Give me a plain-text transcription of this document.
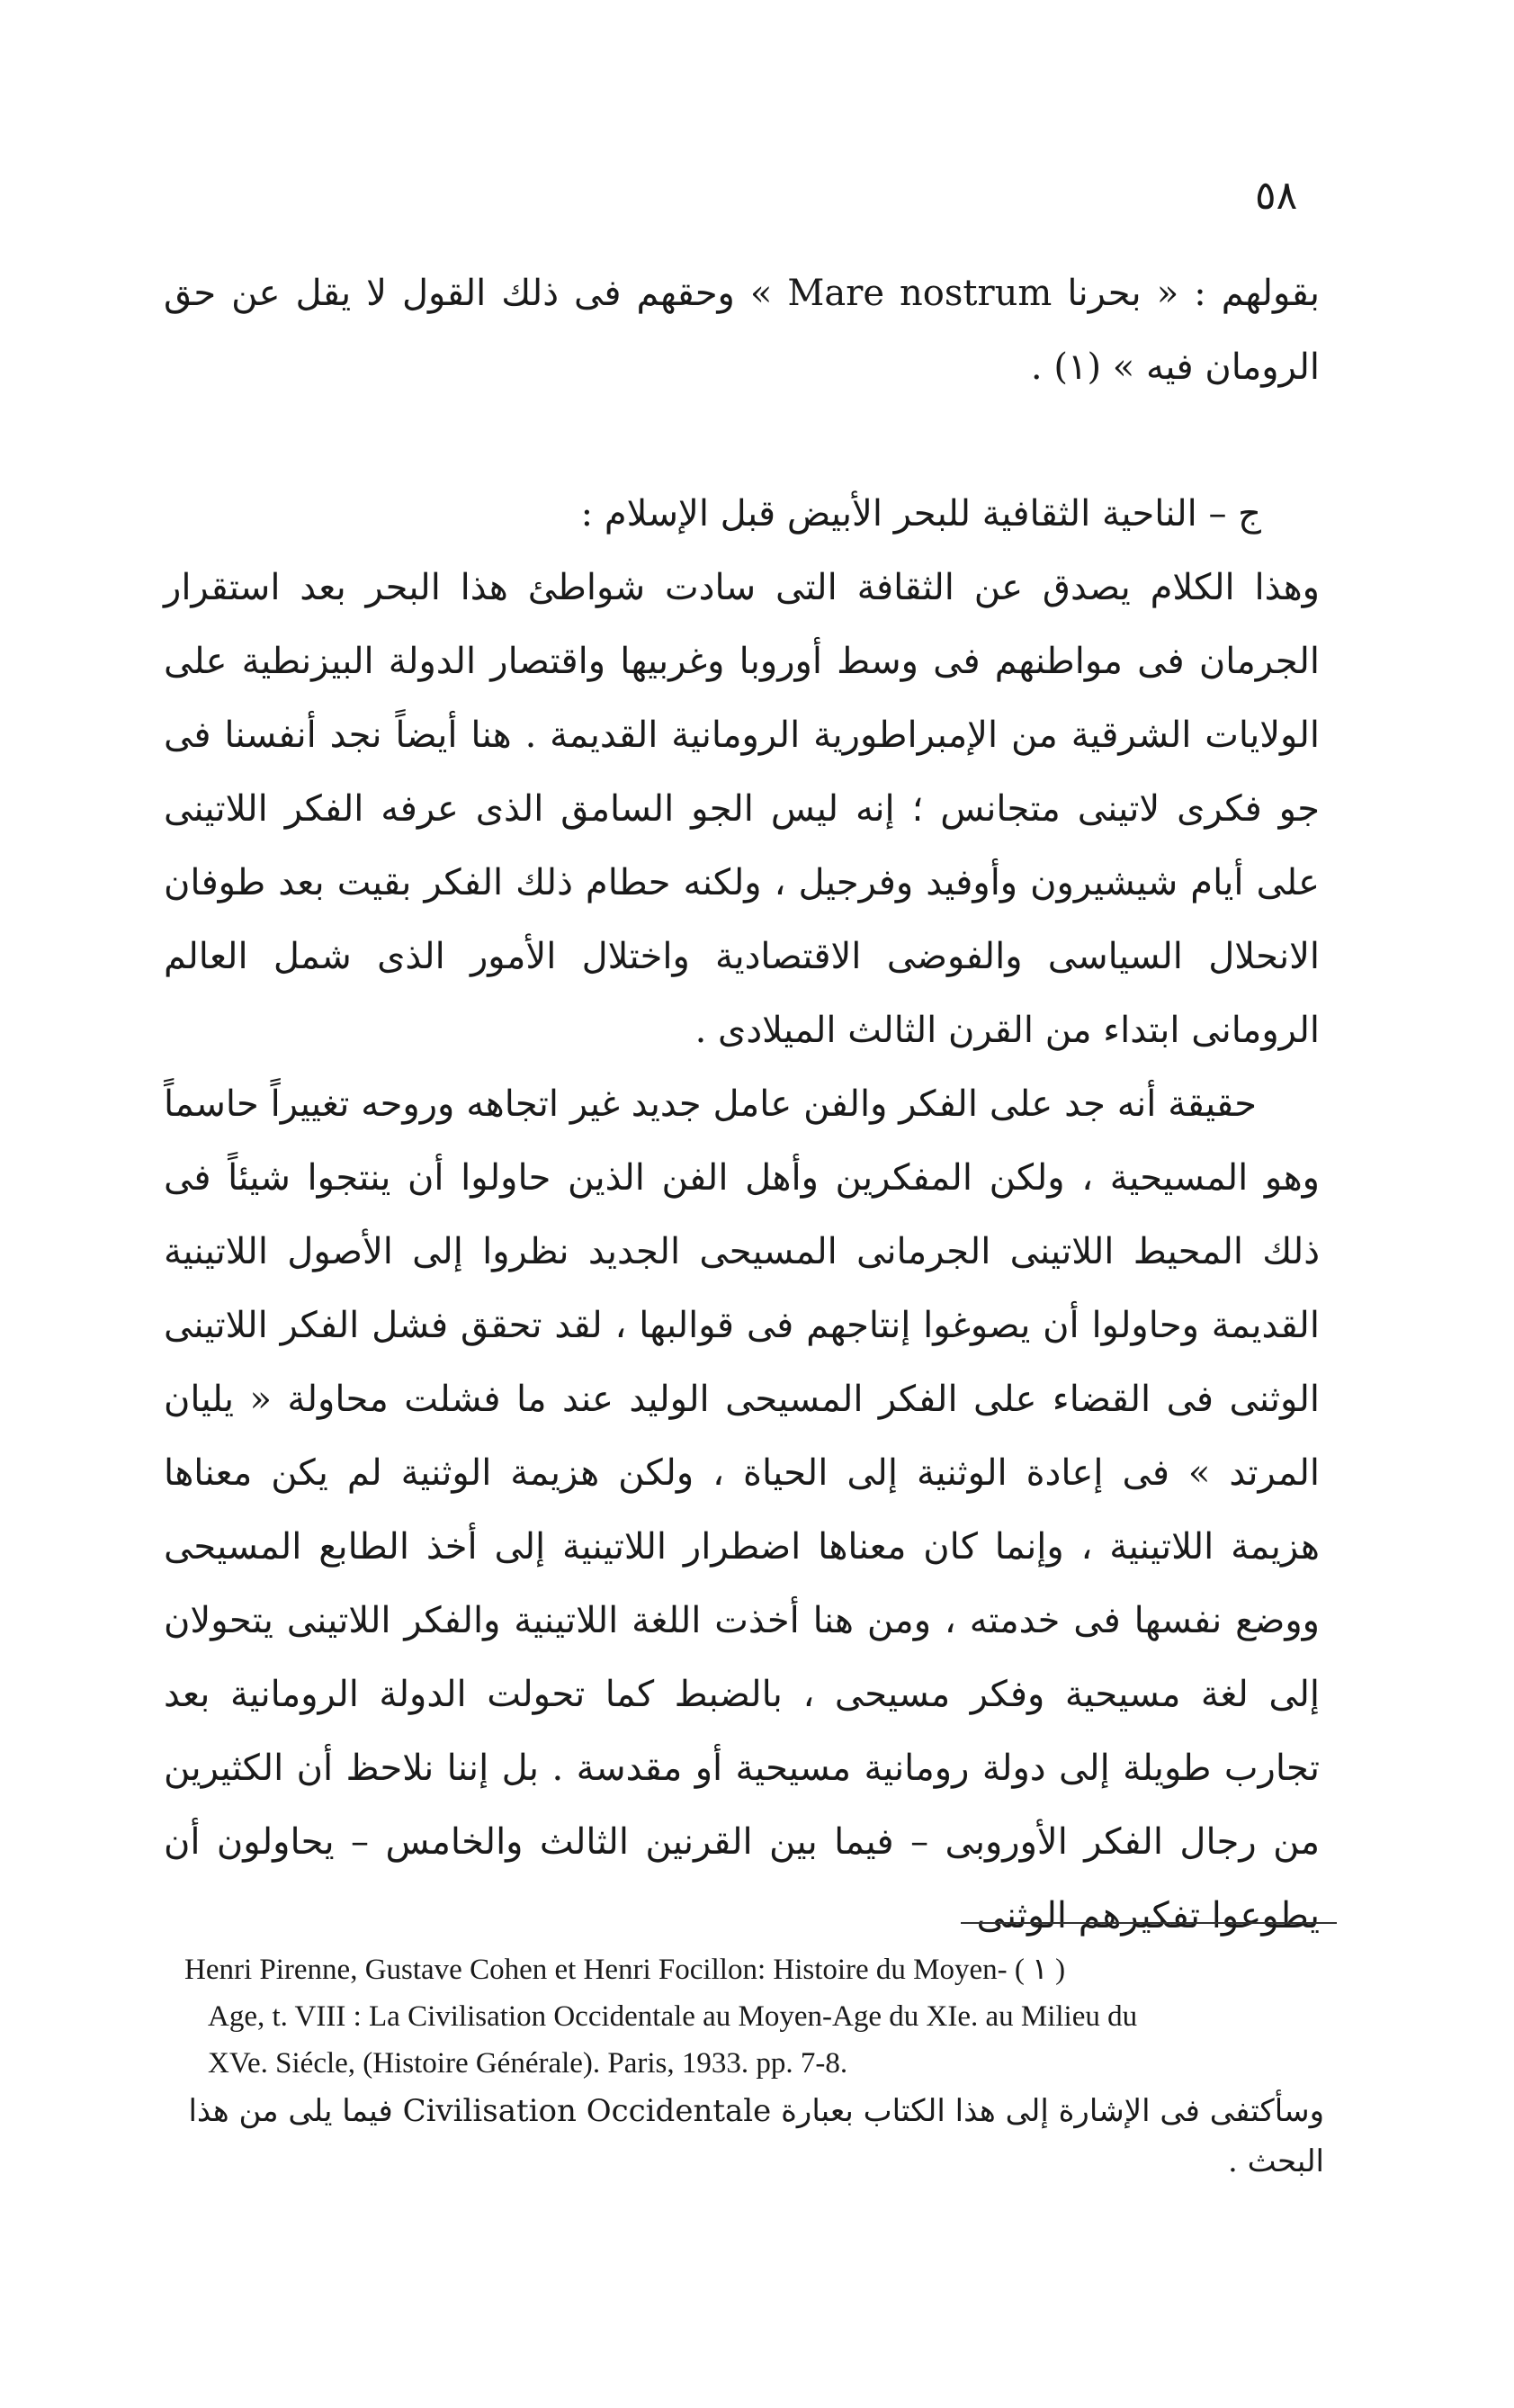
٥٨
بقولهم : « بحرنا Mare nostrum » وحقهم فى ذلك القول لا يقل عن حق الرومان فيه » (١) .
ج – الناحية الثقافية للبحر الأبيض قبل الإسلام :
وهذا الكلام يصدق عن الثقافة التى سادت شواطئ هذا البحر بعد استقرار الجرمان فى مواطنهم فى وسط أوروبا وغربيها واقتصار الدولة البيزنطية على الولايات الشرقية من الإمبراطورية الرومانية القديمة . هنا أيضاً نجد أنفسنا فى جو فكرى لاتينى متجانس ؛ إنه ليس الجو السامق الذى عرفه الفكر اللاتينى على أيام شيشيرون وأوفيد وفرجيل ، ولكنه حطام ذلك الفكر بقيت بعد طوفان الانحلال السياسى والفوضى الاقتصادية واختلال الأمور الذى شمل العالم الرومانى ابتداء من القرن الثالث الميلادى .
حقيقة أنه جد على الفكر والفن عامل جديد غير اتجاهه وروحه تغييراً حاسماً وهو المسيحية ، ولكن المفكرين وأهل الفن الذين حاولوا أن ينتجوا شيئاً فى ذلك المحيط اللاتينى الجرمانى المسيحى الجديد نظروا إلى الأصول اللاتينية القديمة وحاولوا أن يصوغوا إنتاجهم فى قوالبها ، لقد تحقق فشل الفكر اللاتينى الوثنى فى القضاء على الفكر المسيحى الوليد عند ما فشلت محاولة « يليان المرتد » فى إعادة الوثنية إلى الحياة ، ولكن هزيمة الوثنية لم يكن معناها هزيمة اللاتينية ، وإنما كان معناها اضطرار اللاتينية إلى أخذ الطابع المسيحى ووضع نفسها فى خدمته ، ومن هنا أخذت اللغة اللاتينية والفكر اللاتينى يتحولان إلى لغة مسيحية وفكر مسيحى ، بالضبط كما تحولت الدولة الرومانية بعد تجارب طويلة إلى دولة رومانية مسيحية أو مقدسة . بل إننا نلاحظ أن الكثيرين من رجال الفكر الأوروبى – فيما بين القرنين الثالث والخامس – يحاولون أن يطوعوا تفكيرهم الوثنى
Henri Pirenne, Gustave Cohen et Henri Focillon: Histoire du Moyen- ( ١ )
Age, t. VIII : La Civilisation Occidentale au Moyen-Age du XIe. au Milieu du
XVe. Siécle, (Histoire Générale). Paris, 1933. pp. 7-8.
وسأكتفى فى الإشارة إلى هذا الكتاب بعبارة Civilisation Occidentale فيما يلى من هذا البحث .
